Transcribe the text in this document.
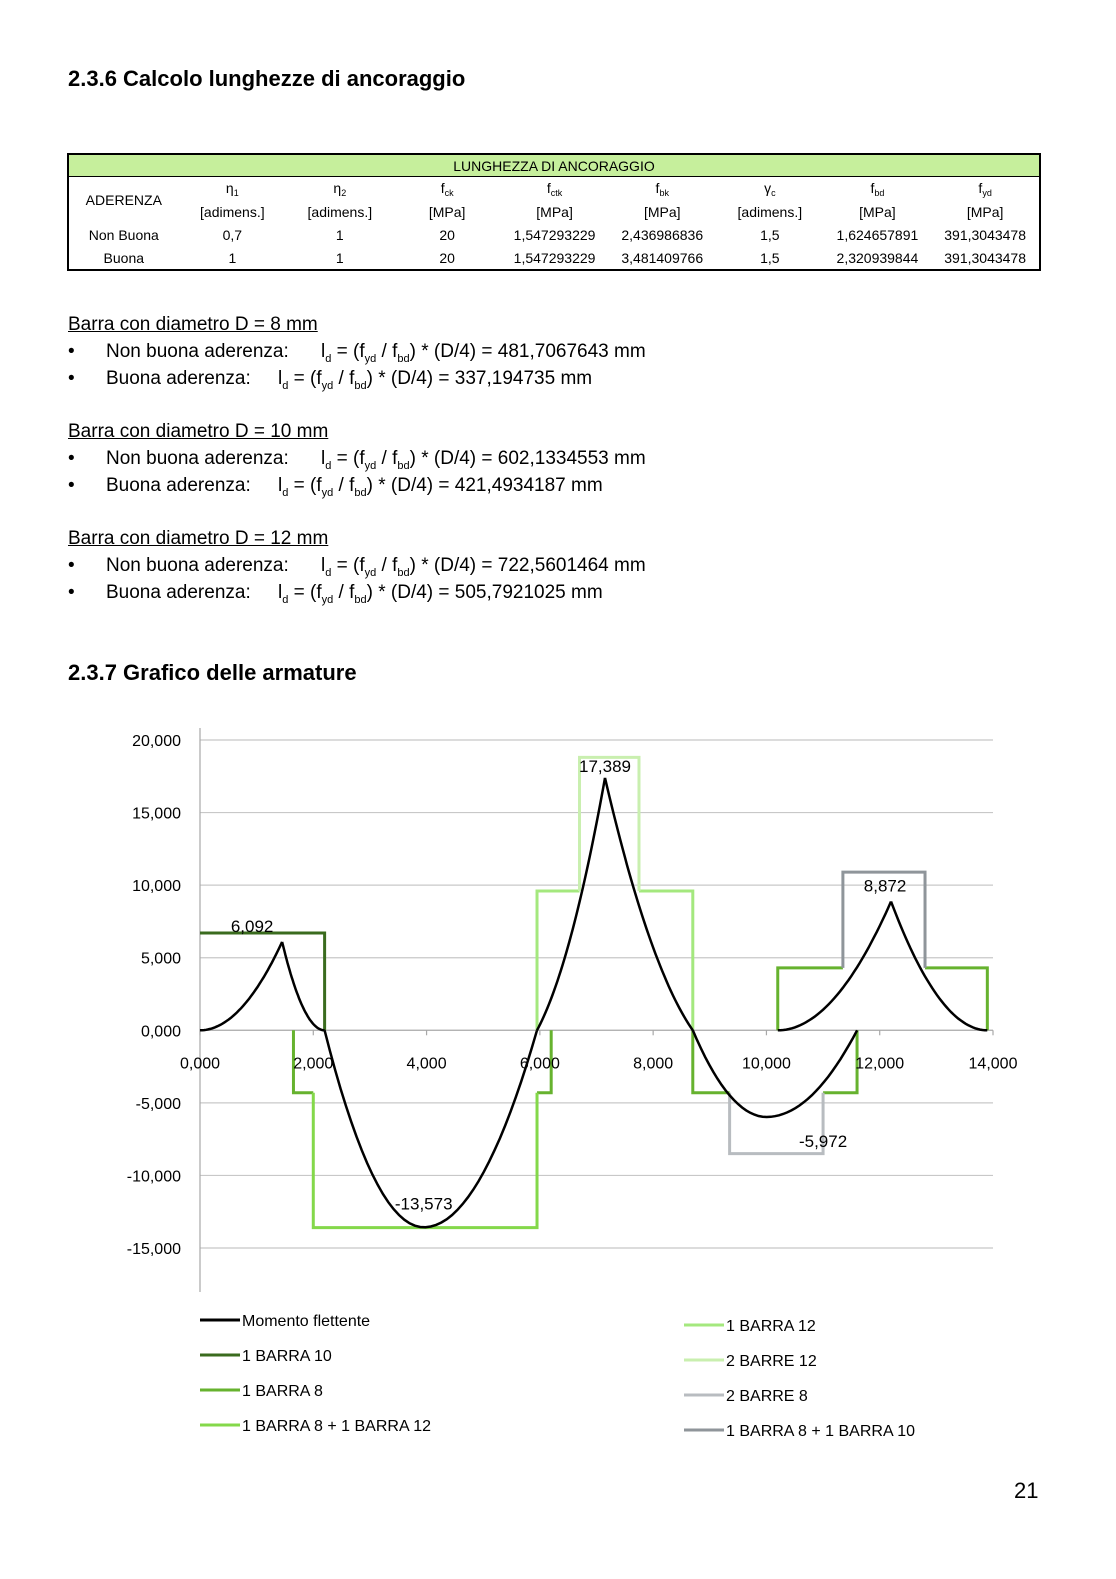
2.3.6 Calcolo lunghezze di ancoraggio
LUNGHEZZA DI ANCORAGGIO								
ADERENZA	$\eta_1$	$\eta_2$	$f_{ck}$	$f_{ctk}$	$f_{bk}$	$\gamma_c$	$f_{bd}$	$f_{yd}$
	[adimens.]	[adimens.]	[MPa]	[MPa]	[MPa]	[adimens.]	[MPa]	[MPa]
Non Buona	0,7	1	20	1,547293229	2,436986836	1,5	1,624657891	391,3043478
Buona	1	1	20	1,547293229	3,481409766	1,5	2,320939844	391,3043478
Barra con diametro D = 8 mm
• Non buona aderenza: $l_d = (f_{yd} / f_{bd}) * (D/4) = 481,7067643$ mm
• Buona aderenza: $l_d = (f_{yd} / f_{bd}) * (D/4) = 337,194735$ mm
Barra con diametro D = 10 mm
• Non buona aderenza: $l_d = (f_{yd} / f_{bd}) * (D/4) = 602,1334553$ mm
• Buona aderenza: $l_d = (f_{yd} / f_{bd}) * (D/4) = 421,4934187$ mm
Barra con diametro D = 12 mm
• Non buona aderenza: $l_d = (f_{yd} / f_{bd}) * (D/4) = 722,5601464$ mm
• Buona aderenza: $l_d = (f_{yd} / f_{bd}) * (D/4) = 505,7921025$ mm
2.3.7 Grafico delle armature
20,000
15,000
10,000
5,000
0,000
-5,000
-10,000
-15,000
0,000	2,000	4,000	6,000	8,000	10,000	12,000	14,000
6,092
-13,573
17,389
-5,972
8,872
Momento flettente
1 BARRA 10
1 BARRA 8
1 BARRA 8 + 1 BARRA 12
1 BARRA 12
2 BARRE 12
2 BARRE 8
1 BARRA 8 + 1 BARRA 10
21
